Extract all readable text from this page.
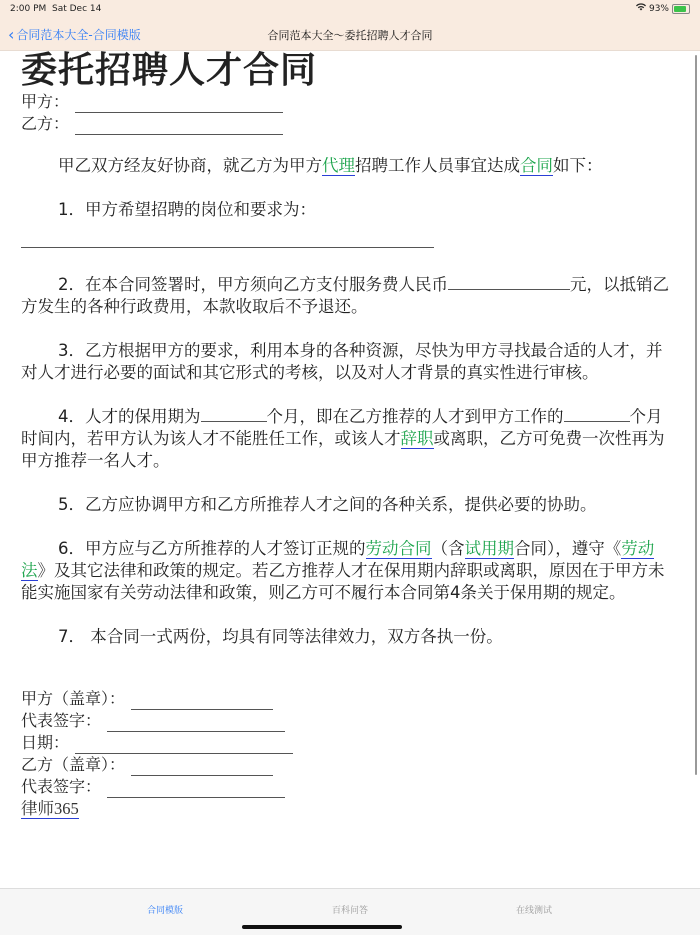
2:00 PM Sat Dec 14	93%
‹ 合同范本大全-合同模版	合同范本大全～委托招聘人才合同
委托招聘人才合同
甲方：
乙方：

甲乙双方经友好协商，就乙方为甲方代理招聘工作人员事宜达成合同如下：

1．甲方希望招聘的岗位和要求为：

2．在本合同签署时，甲方须向乙方支付服务费人民币	元，以抵销乙方发生的各种行政费用，本款收取后不予退还。

3．乙方根据甲方的要求，利用本身的各种资源，尽快为甲方寻找最合适的人才，并对人才进行必要的面试和其它形式的考核，以及对人才背景的真实性进行审核。

4．人才的保用期为	个月，即在乙方推荐的人才到甲方工作的	个月时间内，若甲方认为该人才不能胜任工作，或该人才辞职或离职，乙方可免费一次性再为甲方推荐一名人才。

5．乙方应协调甲方和乙方所推荐人才之间的各种关系，提供必要的协助。

6．甲方应与乙方所推荐的人才签订正规的劳动合同（含试用期合同），遵守《劳动法》及其它法律和政策的规定。若乙方推荐人才在保用期内辞职或离职，原因在于甲方未能实施国家有关劳动法律和政策，则乙方可不履行本合同第4条关于保用期的规定。

7． 本合同一式两份，均具有同等法律效力，双方各执一份。

甲方（盖章）：
代表签字：
日期：
乙方（盖章）：
代表签字：
律师365
合同模版	百科问答	在线测试
